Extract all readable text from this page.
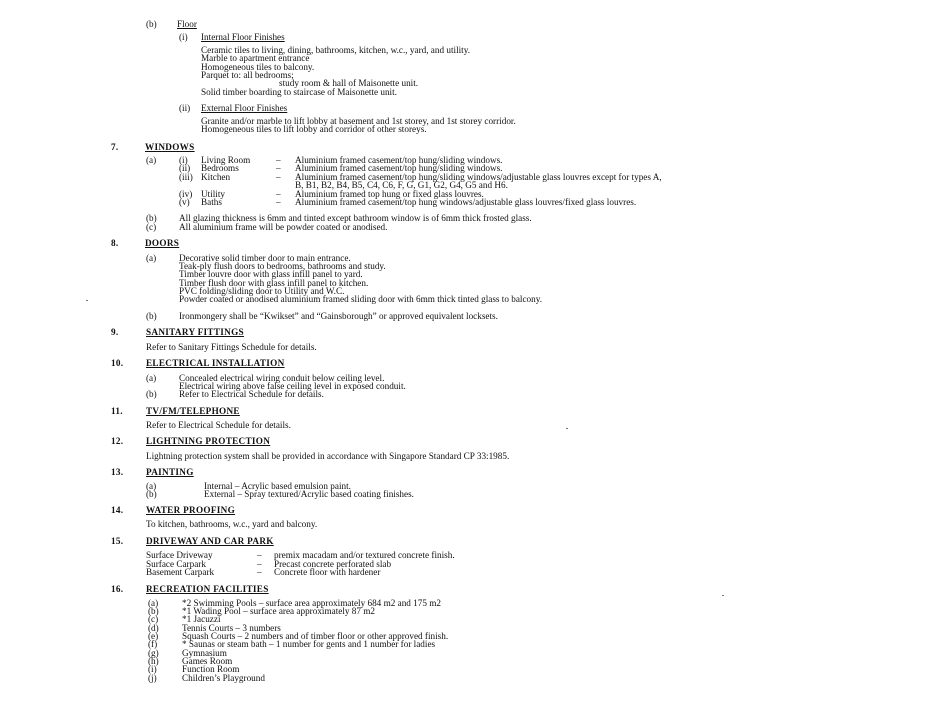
(b) Floor
(i) Internal Floor Finishes
Ceramic tiles to living, dining, bathrooms, kitchen, w.c., yard, and utility.
Marble to apartment entrance
Homogeneous tiles to balcony.
Parquet to: all bedrooms;
study room & hall of Maisonette unit.
Solid timber boarding to staircase of Maisonette unit.
(ii) External Floor Finishes
Granite and/or marble to lift lobby at basement and 1st storey, and 1st storey corridor.
Homogeneous tiles to lift lobby and corridor of other storeys.
7.	WINDOWS
(a) (i) Living Room	– Aluminium framed casement/top hung/sliding windows.
(ii) Bedrooms	– Aluminium framed casement/top hung/sliding windows.
(iii) Kitchen	– Aluminium framed casement/top hung/sliding windows/adjustable glass louvres except for types A,
B, B1, B2, B4, B5, C4, C6, F, G, G1, G2, G4, G5 and H6.
(iv) Utility	– Aluminium framed top hung or fixed glass louvres.
(v) Baths	– Aluminium framed casement/top hung windows/adjustable glass louvres/fixed glass louvres.
(b) All glazing thickness is 6mm and tinted except bathroom window is of 6mm thick frosted glass.
(c) All aluminium frame will be powder coated or anodised.
8.	DOORS
(a) Decorative solid timber door to main entrance.
Teak-ply flush doors to bedrooms, bathrooms and study.
Timber louvre door with glass infill panel to yard.
Timber flush door with glass infill panel to kitchen.
PVC folding/sliding door to Utility and W.C.
Powder coated or anodised aluminium framed sliding door with 6mm thick tinted glass to balcony.
(b) Ironmongery shall be “Kwikset” and “Gainsborough” or approved equivalent locksets.
9.	SANITARY FITTINGS
Refer to Sanitary Fittings Schedule for details.
10. ELECTRICAL INSTALLATION
(a) Concealed electrical wiring conduit below ceiling level.
Electrical wiring above false ceiling level in exposed conduit.
(b) Refer to Electrical Schedule for details.
11.	TV/FM/TELEPHONE
Refer to Electrical Schedule for details.
12. LIGHTNING PROTECTION
Lightning protection system shall be provided in accordance with Singapore Standard CP 33:1985.
13. PAINTING
(a)	Internal – Acrylic based emulsion paint.
(b)	External – Spray textured/Acrylic based coating finishes.
14. WATER PROOFING
To kitchen, bathrooms, w.c., yard and balcony.
15. DRIVEWAY AND CAR PARK
Surface Driveway	– premix macadam and/or textured concrete finish.
Surface Carpark	– Precast concrete perforated slab
Basement Carpark	– Concrete floor with hardener
16. RECREATION FACILITIES
(a)	*2 Swimming Pools – surface area approximately 684 m2 and 175 m2
(b)	*1 Wading Pool – surface area approximately 87 m2
(c)	*1 Jacuzzi
(d)	Tennis Courts – 3 numbers
(e)	Squash Courts – 2 numbers and of timber floor or other approved finish.
(f)	* Saunas or steam bath – 1 number for gents and 1 number for ladies
(g)	Gymnasium
(h)	Games Room
(i)	Function Room
(j)	Children’s Playground
